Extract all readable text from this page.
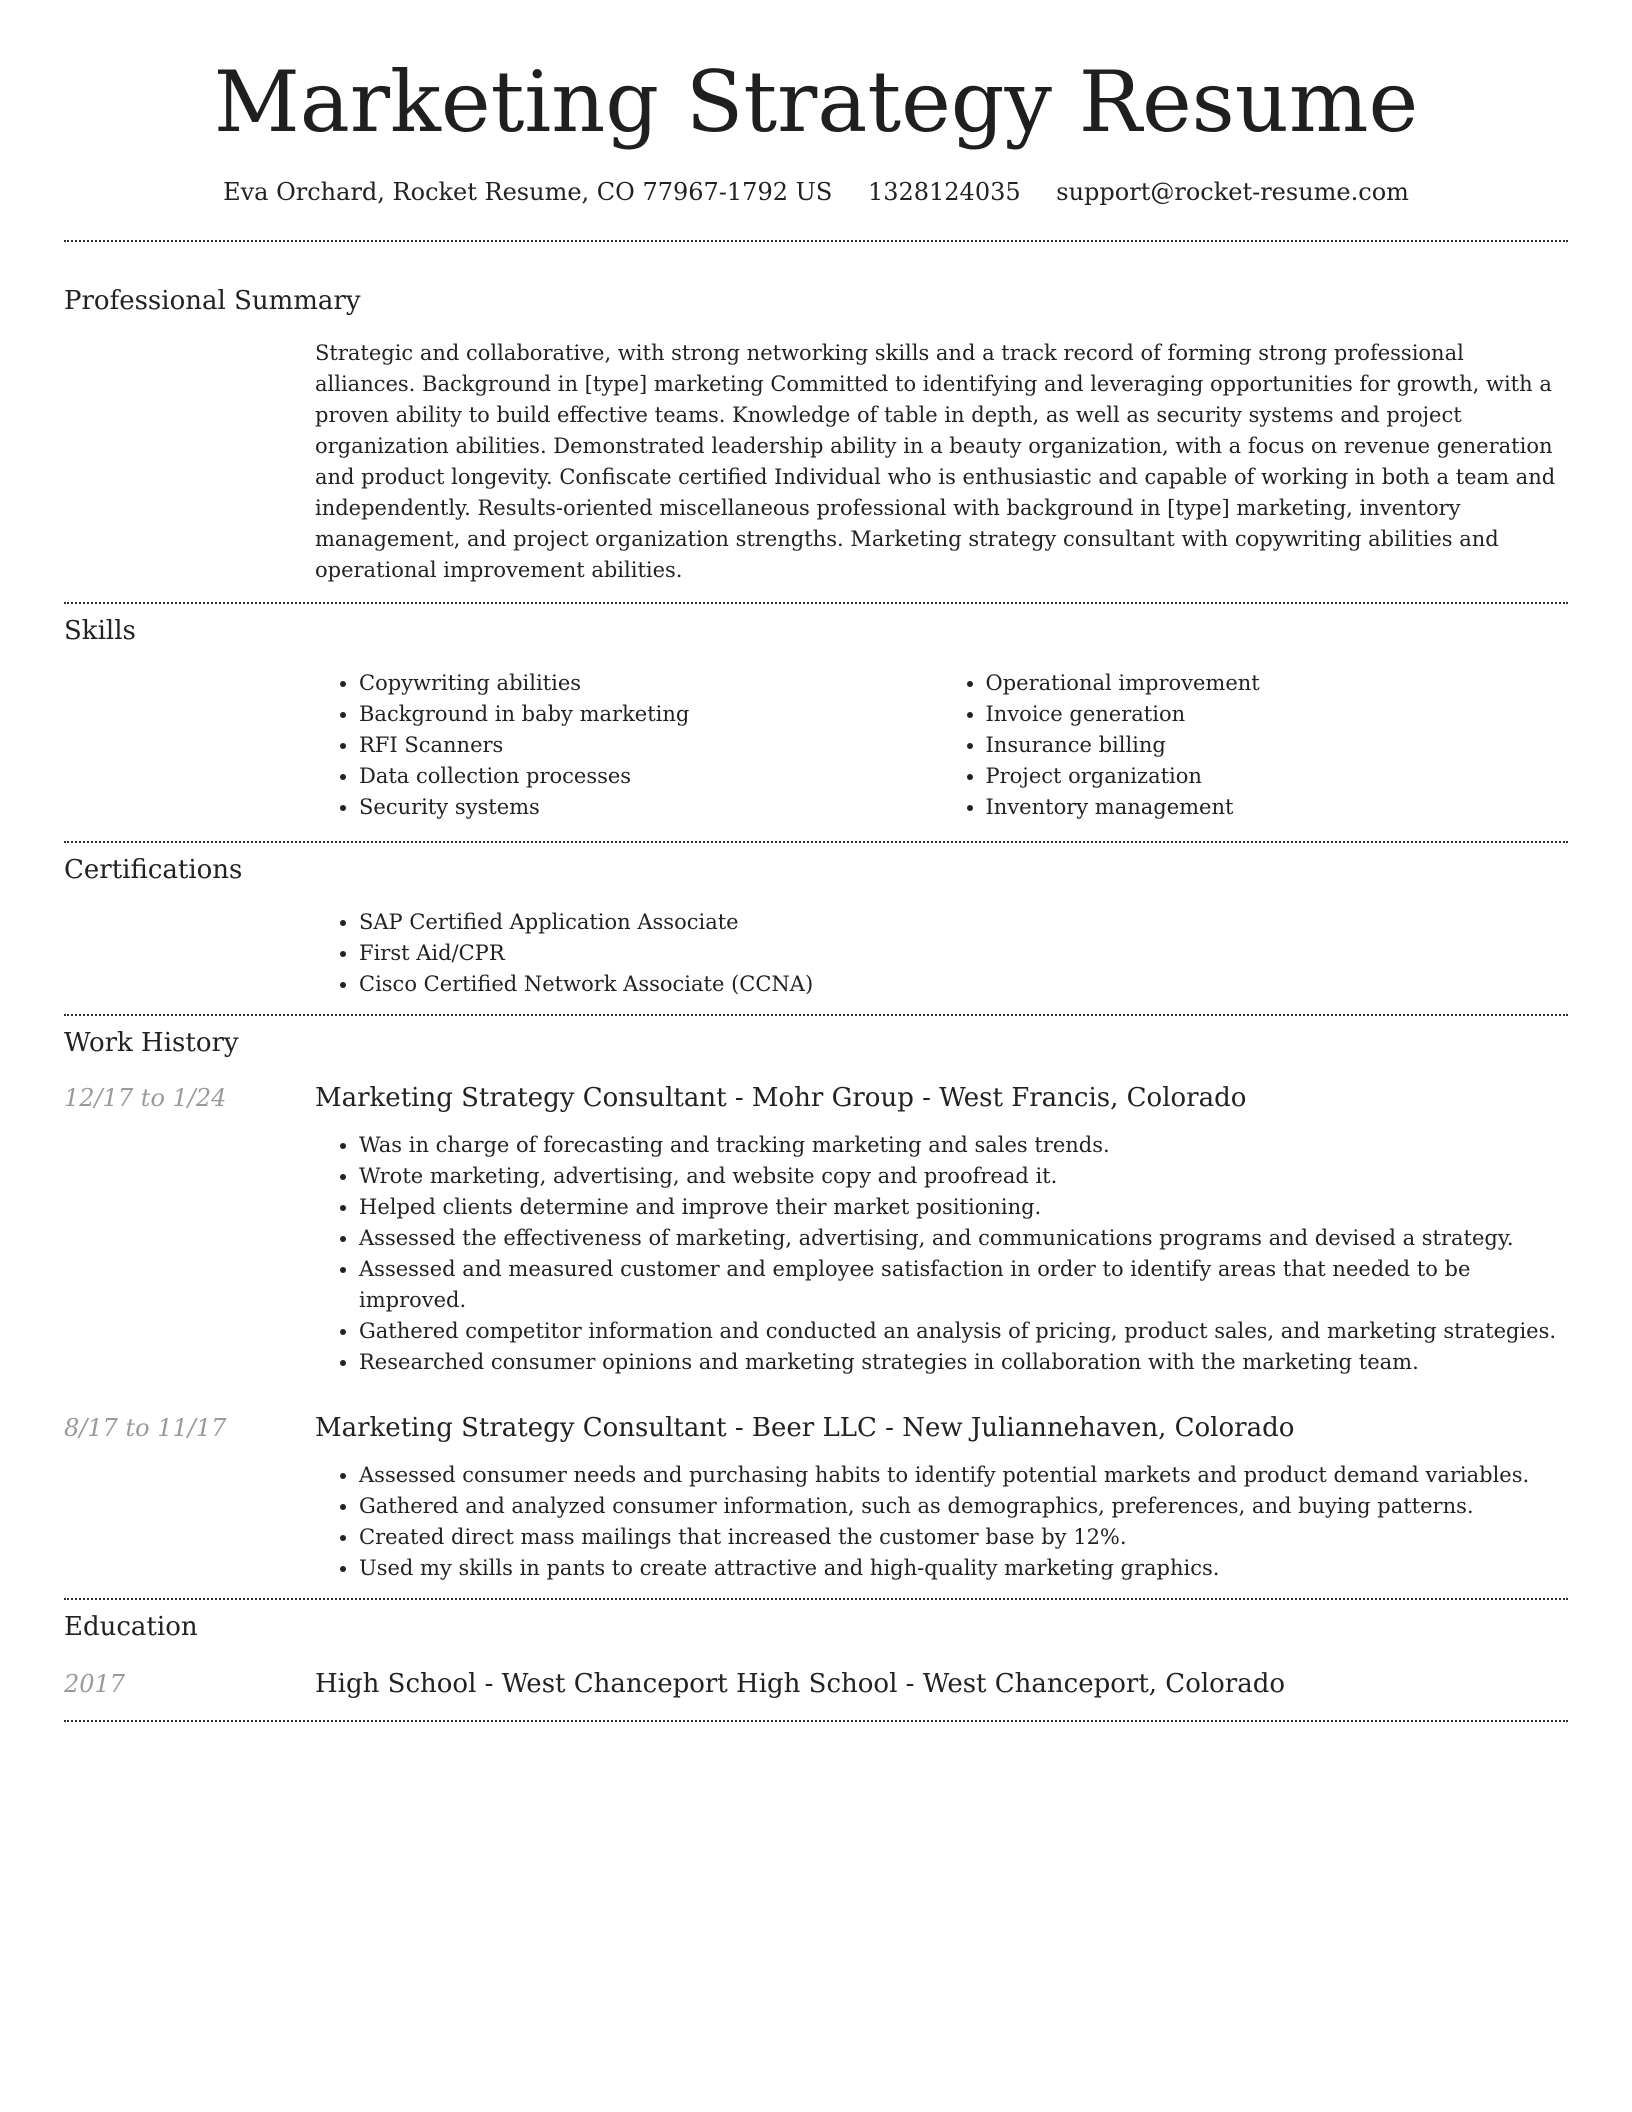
Marketing Strategy Resume
Eva Orchard, Rocket Resume, CO 77967-1792 US 1328124035 support@rocket-resume.com
Professional Summary

Strategic and collaborative, with strong networking skills and a track record of forming strong professional alliances. Background in [type] marketing Committed to identifying and leveraging opportunities for growth, with a proven ability to build effective teams. Knowledge of table in depth, as well as security systems and project organization abilities. Demonstrated leadership ability in a beauty organization, with a focus on revenue generation and product longevity. Confiscate certified Individual who is enthusiastic and capable of working in both a team and independently. Results-oriented miscellaneous professional with background in [type] marketing, inventory management, and project organization strengths. Marketing strategy consultant with copywriting abilities and operational improvement abilities.

Skills
• Copywriting abilities
• Background in baby marketing
• RFI Scanners
• Data collection processes
• Security systems
• Operational improvement
• Invoice generation
• Insurance billing
• Project organization
• Inventory management
Certifications
• SAP Certified Application Associate
• First Aid/CPR
• Cisco Certified Network Associate (CCNA)
Work History
12/17 to 1/24	Marketing Strategy Consultant - Mohr Group - West Francis, Colorado
• Was in charge of forecasting and tracking marketing and sales trends.
• Wrote marketing, advertising, and website copy and proofread it.
• Helped clients determine and improve their market positioning.
• Assessed the effectiveness of marketing, advertising, and communications programs and devised a strategy.
• Assessed and measured customer and employee satisfaction in order to identify areas that needed to be improved.
• Gathered competitor information and conducted an analysis of pricing, product sales, and marketing strategies.
• Researched consumer opinions and marketing strategies in collaboration with the marketing team.
8/17 to 11/17	Marketing Strategy Consultant - Beer LLC - New Juliannehaven, Colorado
• Assessed consumer needs and purchasing habits to identify potential markets and product demand variables.
• Gathered and analyzed consumer information, such as demographics, preferences, and buying patterns.
• Created direct mass mailings that increased the customer base by 12%.
• Used my skills in pants to create attractive and high-quality marketing graphics.
Education
2017	High School - West Chanceport High School - West Chanceport, Colorado
